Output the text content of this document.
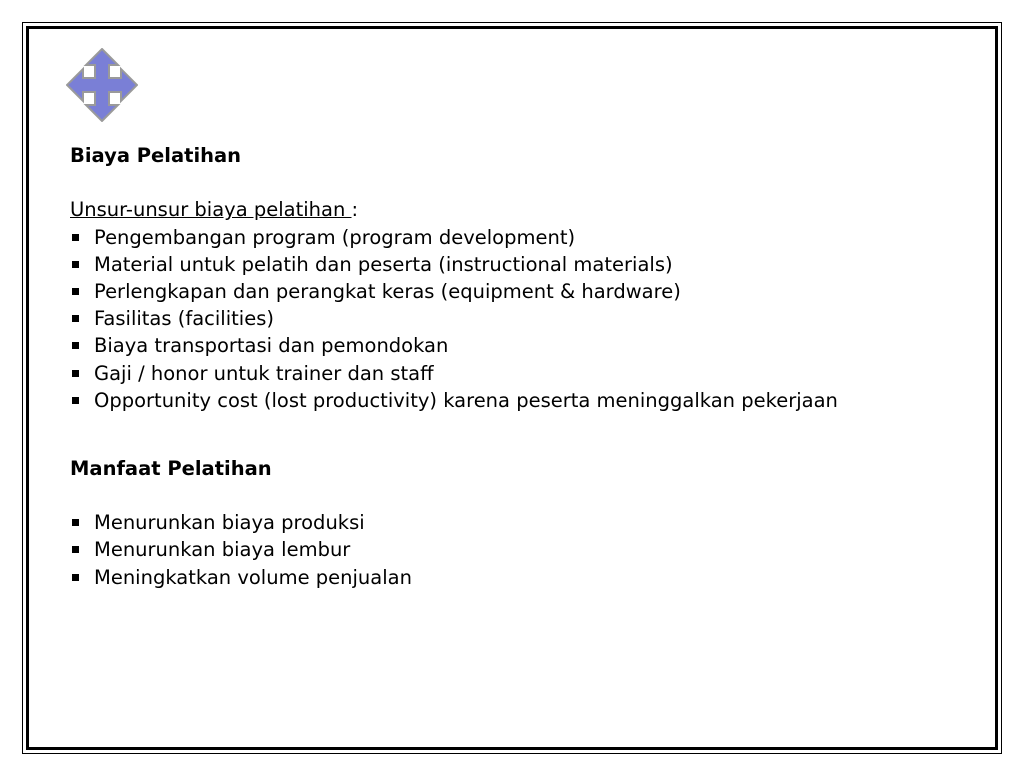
Biaya Pelatihan

Unsur-unsur biaya pelatihan :

Pengembangan program (program development)
Material untuk pelatih dan peserta (instructional materials)
Perlengkapan dan perangkat keras (equipment & hardware)
Fasilitas (facilities)
Biaya transportasi dan pemondokan
Gaji / honor untuk trainer dan staff
Opportunity cost (lost productivity) karena peserta meninggalkan pekerjaan

Manfaat Pelatihan

Menurunkan biaya produksi
Menurunkan biaya lembur
Meningkatkan volume penjualan
